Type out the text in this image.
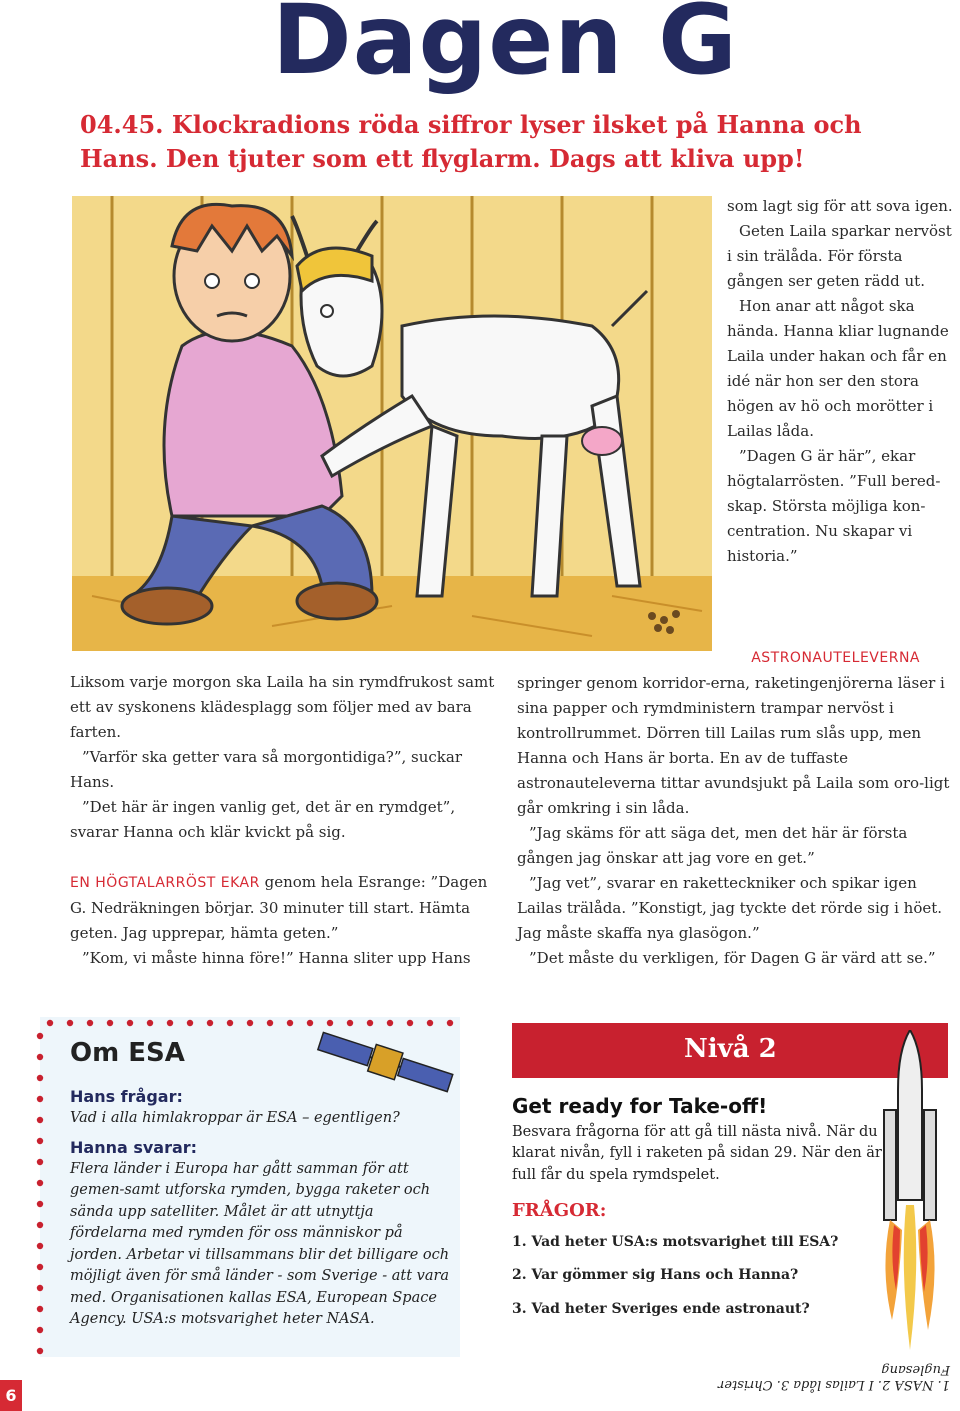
Dagen G
04.45. Klockradions röda siffror lyser ilsket på Hanna och Hans. Den tjuter som ett flyglarm. Dags att kliva upp!

som lagt sig för att sova igen.

Geten Laila sparkar nervöst i sin trälåda. För första gången ser geten rädd ut.

Hon anar att något ska hända. Hanna kliar lugnande Laila under hakan och får en idé när hon ser den stora högen av hö och morötter i Lailas låda.

”Dagen G är här”, ekar högtalarrösten. ”Full bered-skap. Största möjliga kon-centration. Nu skapar vi historia.”

Liksom varje morgon ska Laila ha sin rymdfrukost samt ett av syskonens klädesplagg som följer med av bara farten.

”Varför ska getter vara så morgontidiga?”, suckar Hans.

”Det här är ingen vanlig get, det är en rymdget”, svarar Hanna och klär kvickt på sig.

EN HÖGTALARRÖST EKAR genom hela Esrange: ”Dagen G. Nedräkningen börjar. 30 minuter till start. Hämta geten. Jag upprepar, hämta geten.”

”Kom, vi måste hinna före!” Hanna sliter upp Hans

ASTRONAUTELEVERNA

springer genom korridor-erna, raketingenjörerna läser i sina papper och rymdministern trampar nervöst i kontrollrummet. Dörren till Lailas rum slås upp, men Hanna och Hans är borta. En av de tuffaste astronauteleverna tittar avundsjukt på Laila som oro-ligt går omkring i sin låda.

”Jag skäms för att säga det, men det här är första gången jag önskar att jag vore en get.”

”Jag vet”, svarar en raketteckniker och spikar igen Lailas trälåda. ”Konstigt, jag tyckte det rörde sig i höet. Jag måste skaffa nya glasögon.”

”Det måste du verkligen, för Dagen G är värd att se.”

Om ESA
Hans frågar:
Vad i alla himlakroppar är ESA – egentligen?
Hanna svarar:
Flera länder i Europa har gått samman för att gemen-samt utforska rymden, bygga raketer och sända upp satelliter. Målet är att utnyttja fördelarna med rymden för oss människor på jorden. Arbetar vi tillsammans blir det billigare och möjligt även för små länder - som Sverige - att vara med. Organisationen kallas ESA, European Space Agency. USA:s motsvarighet heter NASA.
Nivå 2
Get ready for Take-off!
Besvara frågorna för att gå till nästa nivå. När du klarat nivån, fyll i raketen på sidan 29. När den är full får du spela rymdspelet.
FRÅGOR:
1. Vad heter USA:s motsvarighet till ESA?
2. Var gömmer sig Hans och Hanna?
3. Vad heter Sveriges ende astronaut?
1. NASA 2. I Lailas låda 3. Christer Fuglesang
6
